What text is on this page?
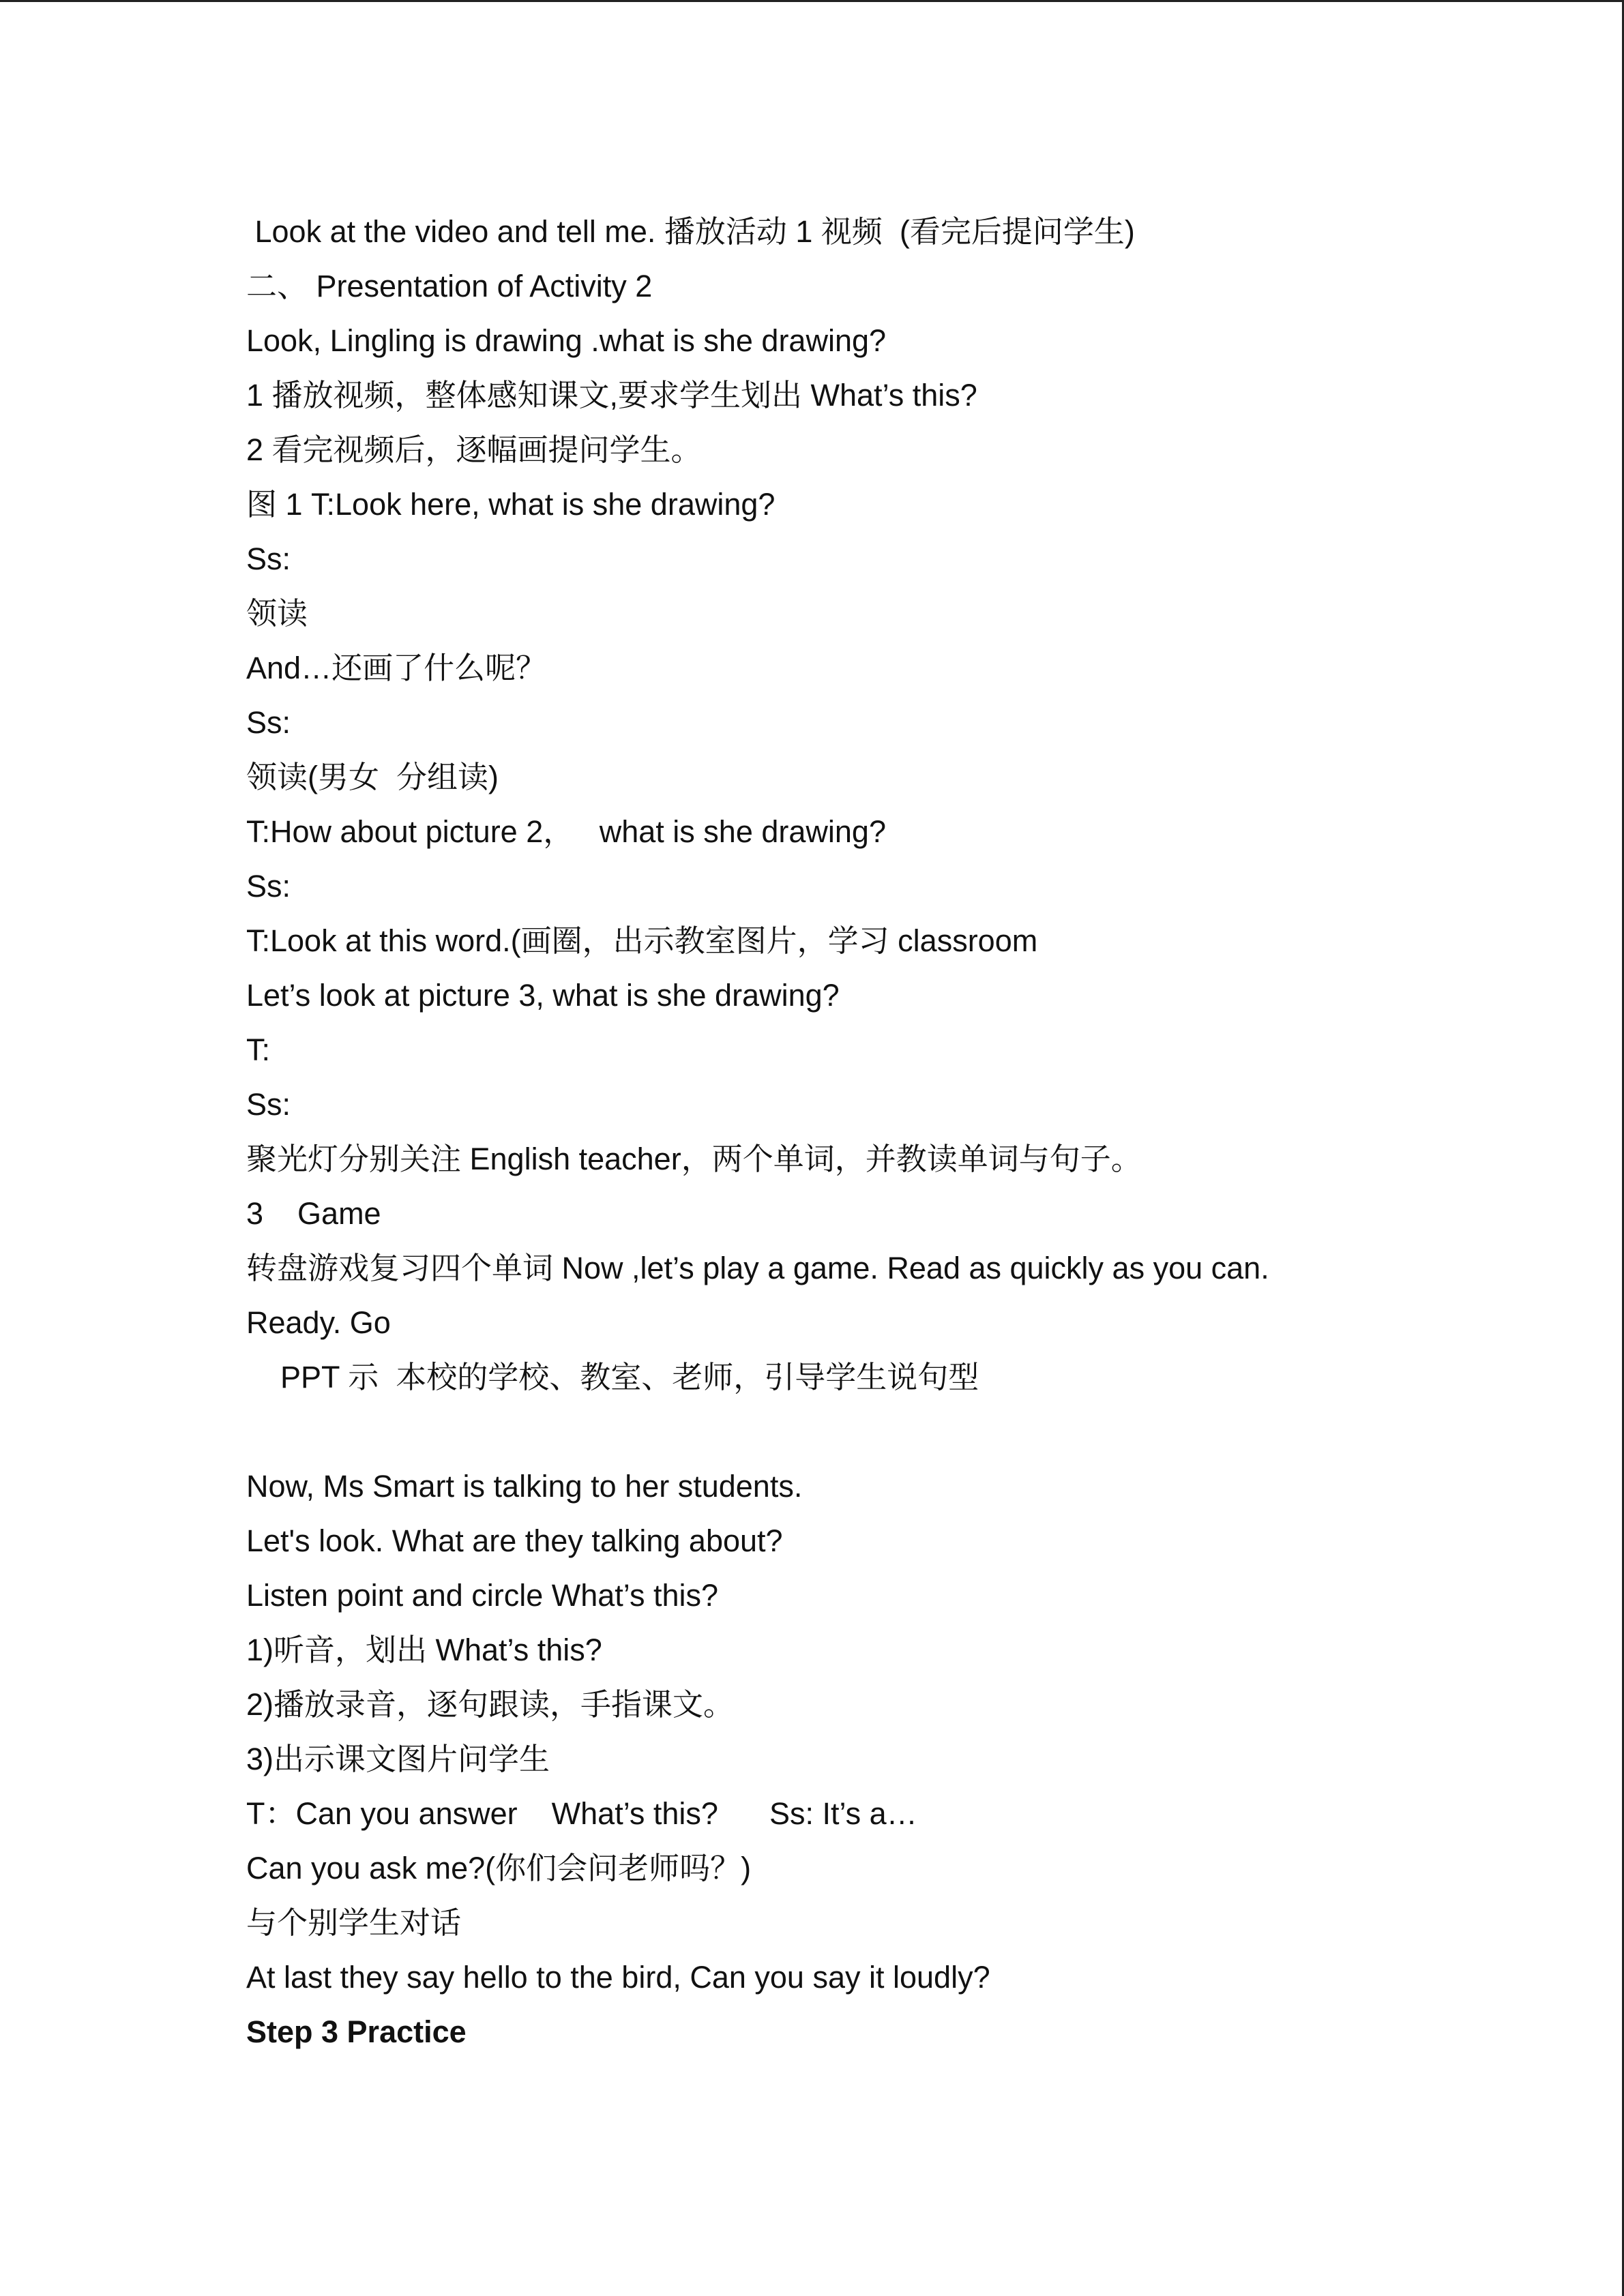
Look at the video and tell me. 播放活动 1 视频  (看完后提问学生)
二、 Presentation of Activity 2
Look, Lingling is drawing .what is she drawing?
1 播放视频，整体感知课文,要求学生划出 What’s this?
2 看完视频后，逐幅画提问学生。
图 1 T:Look here, what is she drawing?
Ss:
领读
And…还画了什么呢？
Ss:
领读(男女  分组读)
T:How about picture 2，   what is she drawing?
Ss:
T:Look at this word.(画圈，出示教室图片，学习 classroom
Let’s look at picture 3, what is she drawing?
T:
Ss:
聚光灯分别关注 English teacher，两个单词，并教读单词与句子。
3    Game
转盘游戏复习四个单词 Now ,let’s play a game. Read as quickly as you can.
Ready. Go
PPT 示  本校的学校、教室、老师，引导学生说句型
Now, Ms Smart is talking to her students.
Let's look. What are they talking about?
Listen point and circle What’s this?
1)听音，划出 What’s this?
2)播放录音，逐句跟读，手指课文。
3)出示课文图片问学生
T：Can you answer    What’s this?      Ss: It’s a…
Can you ask me?(你们会问老师吗？)
与个别学生对话
At last they say hello to the bird, Can you say it loudly?
Step 3 Practice
